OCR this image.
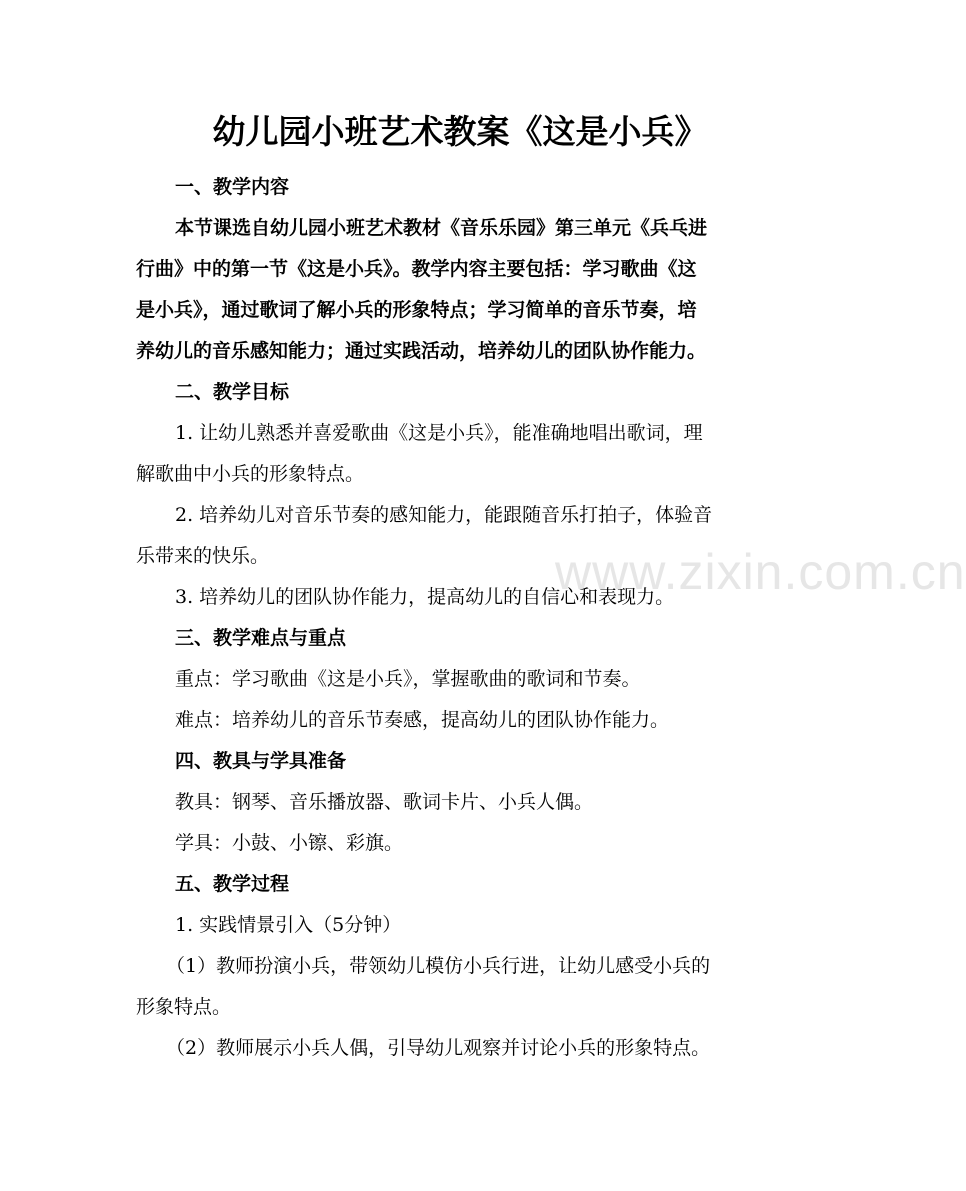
www.zixin.com.cn
幼儿园小班艺术教案《这是小兵》

一、教学内容

本节课选自幼儿园小班艺术教材《音乐乐园》第三单元《兵乓进

行曲》中的第一节《这是小兵》。教学内容主要包括：学习歌曲《这

是小兵》，通过歌词了解小兵的形象特点；学习简单的音乐节奏，培

养幼儿的音乐感知能力；通过实践活动，培养幼儿的团队协作能力。

二、教学目标

1. 让幼儿熟悉并喜爱歌曲《这是小兵》，能准确地唱出歌词，理

解歌曲中小兵的形象特点。

2. 培养幼儿对音乐节奏的感知能力，能跟随音乐打拍子，体验音

乐带来的快乐。

3. 培养幼儿的团队协作能力，提高幼儿的自信心和表现力。

三、教学难点与重点

重点：学习歌曲《这是小兵》，掌握歌曲的歌词和节奏。

难点：培养幼儿的音乐节奏感，提高幼儿的团队协作能力。

四、教具与学具准备

教具：钢琴、音乐播放器、歌词卡片、小兵人偶。

学具：小鼓、小镲、彩旗。

五、教学过程

1. 实践情景引入（5分钟）

（1）教师扮演小兵，带领幼儿模仿小兵行进，让幼儿感受小兵的

形象特点。

（2）教师展示小兵人偶，引导幼儿观察并讨论小兵的形象特点。
